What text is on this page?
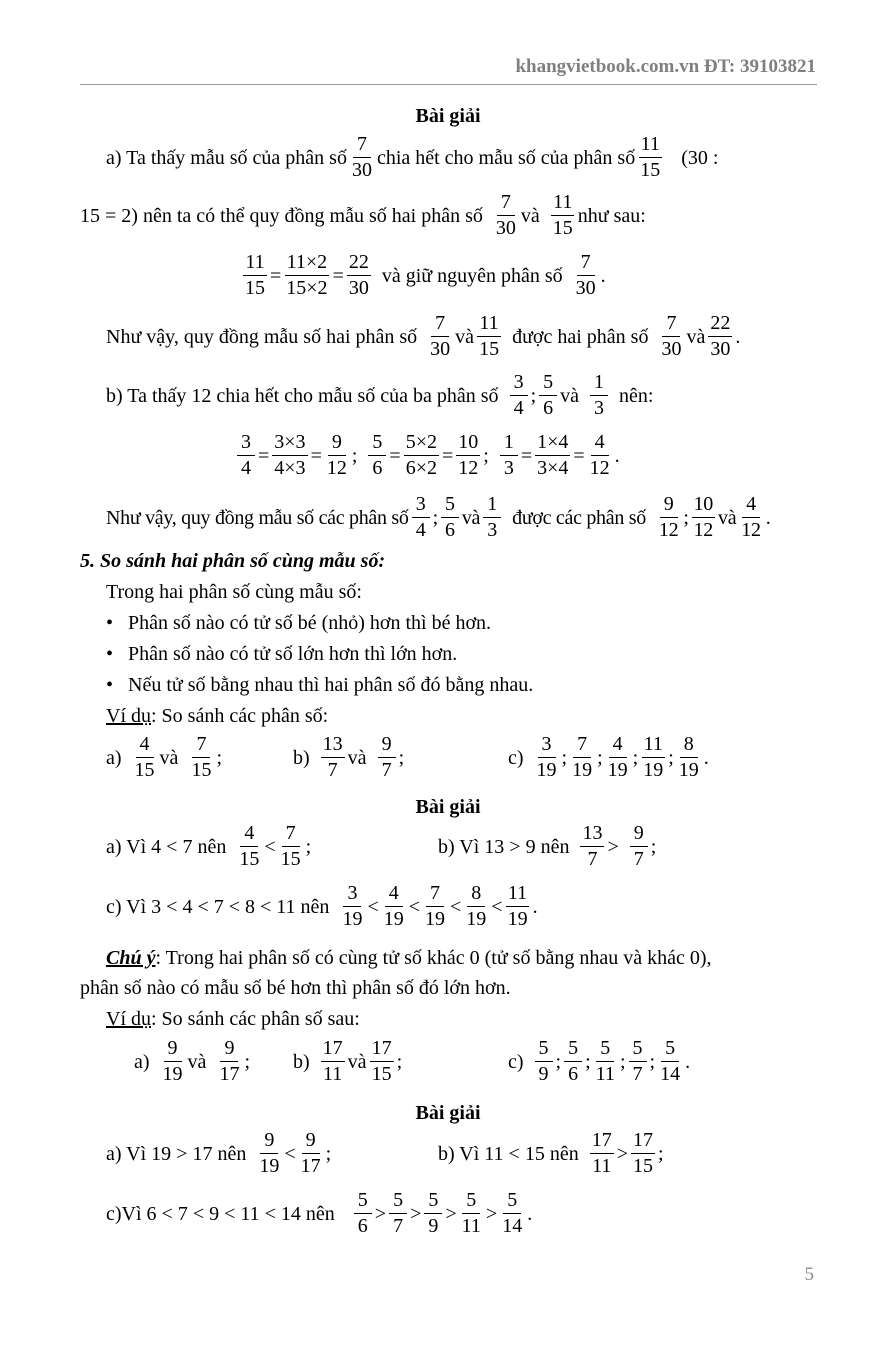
khangvietbook.com.vn ĐT: 39103821
Bài giải
a) Ta thấy mẫu số của phân số $\frac{7}{30}$ chia hết cho mẫu số của phân số $\frac{11}{15} (30$ :
15 = 2) nên ta có thể quy đồng mẫu số hai phân số $\frac{7}{30}$ và $\frac{11}{15}$ như sau:
$\frac{11}{15} = \frac{11\times 2}{15\times 2} = \frac{22}{30}$ và giữ nguyên phân số $\frac{7}{30}$ .
Như vậy, quy đồng mẫu số hai phân số $\frac{7}{30}$ và $\frac{11}{15}$ được hai phân số $\frac{7}{30}$ và $\frac{22}{30}$ .
b) Ta thấy 12 chia hết cho mẫu số của ba phân số $\frac{3}{4}$ ; $\frac{5}{6}$ và $\frac{1}{3}$ nên:
$\frac{3}{4} = \frac{3\times 3}{4\times 3} = \frac{9}{12}$ ; $\frac{5}{6} = \frac{5\times 2}{6\times 2} = \frac{10}{12}$ ; $\frac{1}{3} = \frac{1\times 4}{3\times 4} = \frac{4}{12}$ .
Như vậy, quy đồng mẫu số các phân số $\frac{3}{4}$ ; $\frac{5}{6}$ và $\frac{1}{3}$ được các phân số $\frac{9}{12}$ ; $\frac{10}{12}$ và $\frac{4}{12}$ .
5. So sánh hai phân số cùng mẫu số:
Trong hai phân số cùng mẫu số:
• Phân số nào có tử số bé (nhỏ) hơn thì bé hơn.
• Phân số nào có tử số lớn hơn thì lớn hơn.
• Nếu tử số bằng nhau thì hai phân số đó bằng nhau.
Ví dụ : So sánh các phân số:
$a) \frac{4}{15}$ và $\frac{7}{15}$ ;	$b) \frac{13}{7}$ và $\frac{9}{7}$ ;	$c) \frac{3}{19}$ ; $\frac{7}{19}$ ; $\frac{4}{19}$ ; $\frac{11}{19}$ ; $\frac{8}{19}$ .
Bài giải
a) Vì 4 < 7 nên $\frac{4}{15} < \frac{7}{15}$ ;	b) Vì 13 > 9 nên $\frac{13}{7} > \frac{9}{7}$ ;
c) Vì 3 < 4 < 7 < 8 < 11 nên $\frac{3}{19} < \frac{4}{19} < \frac{7}{19} < \frac{8}{19} < \frac{11}{19}$ .
Chú ý : Trong hai phân số có cùng tử số khác 0 (tử số bằng nhau và khác 0),
phân số nào có mẫu số bé hơn thì phân số đó lớn hơn.
Ví dụ : So sánh các phân số sau:
$a) \frac{9}{19}$ và $\frac{9}{17}$ ; $b) \frac{17}{11}$ và $\frac{17}{15}$ ;	$c) \frac{5}{9}$ ; $\frac{5}{6}$ ; $\frac{5}{11}$ ; $\frac{5}{7}$ ; $\frac{5}{14}$ .
Bài giải
a) Vì 19 > 17 nên $\frac{9}{19} < \frac{9}{17}$ ;	b) Vì 11 < 15 nên $\frac{17}{11} > \frac{17}{15}$ ;
c)Vì 6 < 7 < 9 < 11 < 14 nên $\frac{5}{6} > \frac{5}{7} > \frac{5}{9} > \frac{5}{11} > \frac{5}{14}$ .
5
